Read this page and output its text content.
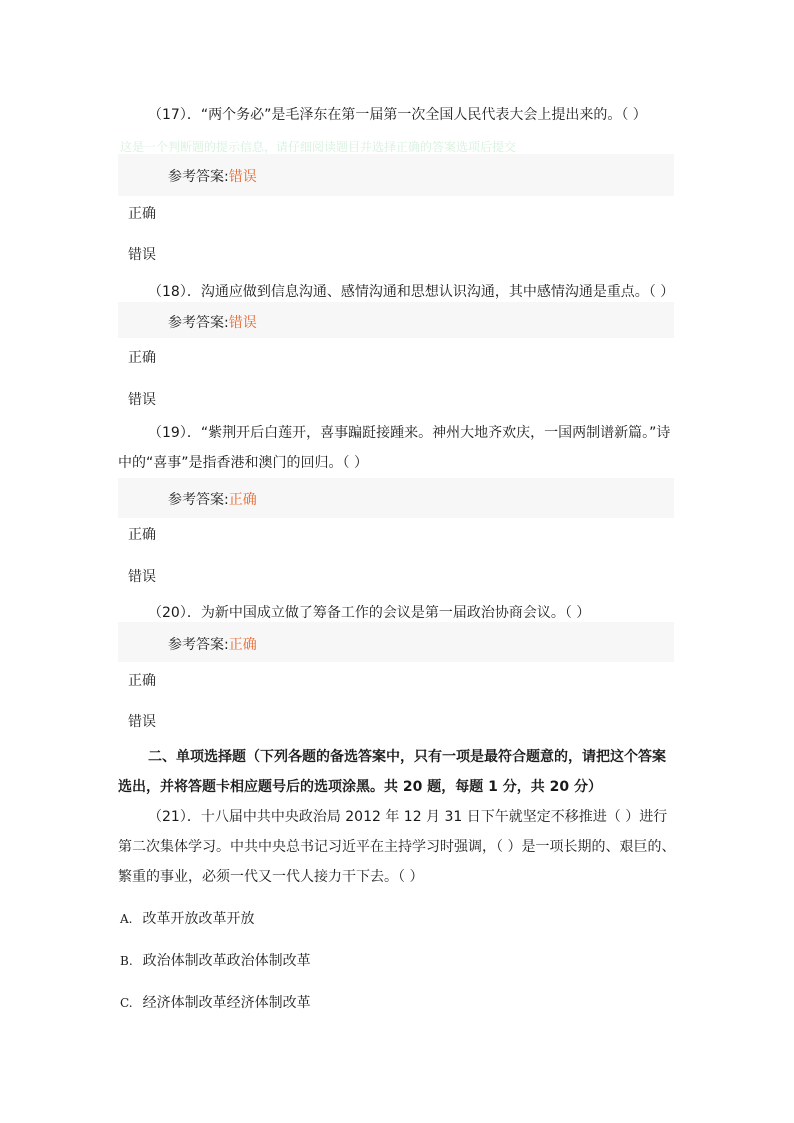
（17）．“两个务必”是毛泽东在第一届第一次全国人民代表大会上提出来的。（ ）
这是一个判断题的提示信息，请仔细阅读题目并选择正确的答案选项后提交
参考答案:错误
正确
错误
（18）．沟通应做到信息沟通、感情沟通和思想认识沟通，其中感情沟通是重点。（ ）
参考答案:错误
正确
错误
（19）．“紫荆开后白莲开，喜事蹁跹接踵来。神州大地齐欢庆，一国两制谱新篇。”诗中的“喜事”是指香港和澳门的回归。（ ）
参考答案:正确
正确
错误
（20）．为新中国成立做了筹备工作的会议是第一届政治协商会议。（ ）
参考答案:正确
正确
错误
二、单项选择题（下列各题的备选答案中，只有一项是最符合题意的，请把这个答案选出，并将答题卡相应题号后的选项涂黑。共 20 题，每题 1 分，共 20 分）
（21）．十八届中共中央政治局 2012 年 12 月 31 日下午就坚定不移推进（ ）进行第二次集体学习。中共中央总书记习近平在主持学习时强调，（ ）是一项长期的、艰巨的、繁重的事业，必须一代又一代人接力干下去。（ ）
A. 改革开放改革开放
B. 政治体制改革政治体制改革
C. 经济体制改革经济体制改革
